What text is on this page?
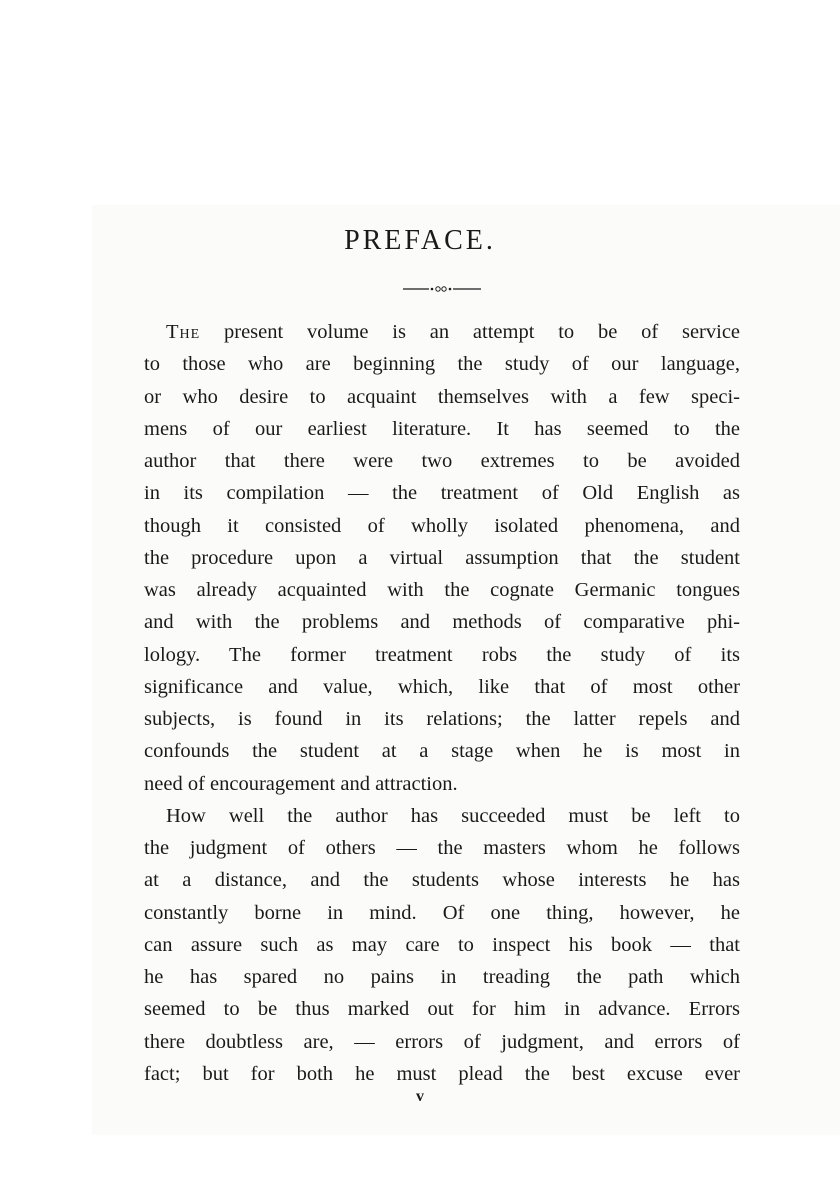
PREFACE.
The present volume is an attempt to be of service
to those who are beginning the study of our language,
or who desire to acquaint themselves with a few speci-
mens of our earliest literature. It has seemed to the
author that there were two extremes to be avoided
in its compilation — the treatment of Old English as
though it consisted of wholly isolated phenomena, and
the procedure upon a virtual assumption that the student
was already acquainted with the cognate Germanic tongues
and with the problems and methods of comparative phi-
lology. The former treatment robs the study of its
significance and value, which, like that of most other
subjects, is found in its relations; the latter repels and
confounds the student at a stage when he is most in
need of encouragement and attraction.
How well the author has succeeded must be left to
the judgment of others — the masters whom he follows
at a distance, and the students whose interests he has
constantly borne in mind. Of one thing, however, he
can assure such as may care to inspect his book — that
he has spared no pains in treading the path which
seemed to be thus marked out for him in advance. Errors
there doubtless are, — errors of judgment, and errors of
fact; but for both he must plead the best excuse ever
v
